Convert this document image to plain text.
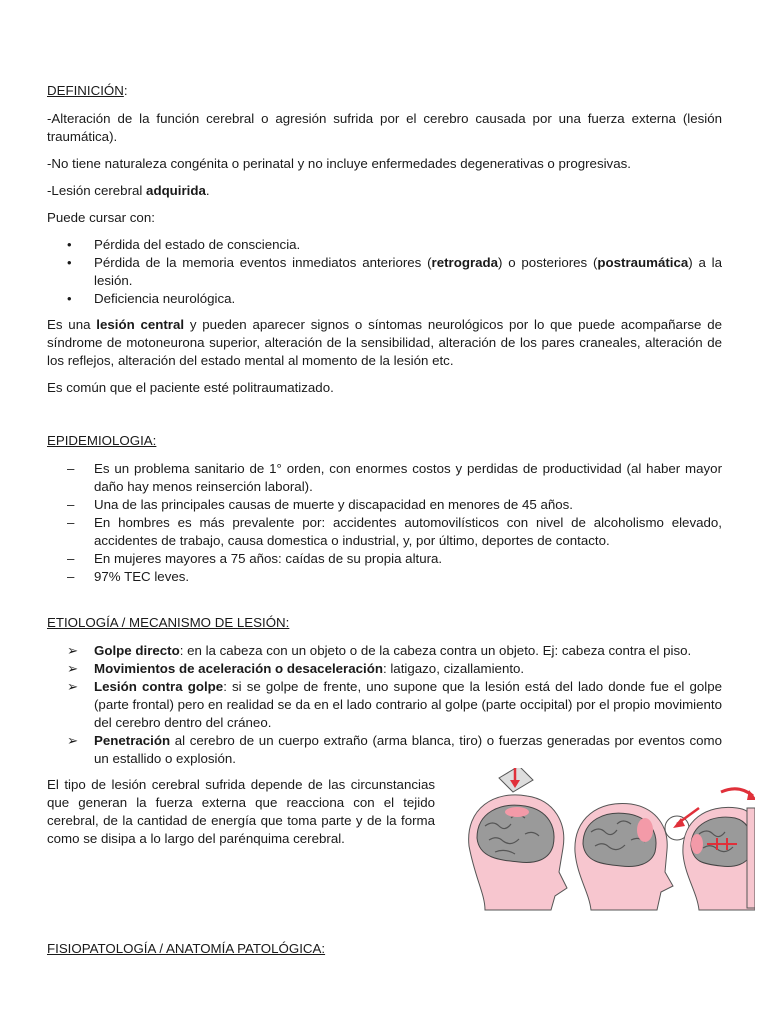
DEFINICIÓN:

-Alteración de la función cerebral o agresión sufrida por el cerebro causada por una fuerza externa (lesión traumática).

-No tiene naturaleza congénita o perinatal y no incluye enfermedades degenerativas o progresivas.

-Lesión cerebral adquirida.

Puede cursar con:

•	Pérdida del estado de consciencia.
•	Pérdida de la memoria eventos inmediatos anteriores (retrograda) o posteriores (postraumática) a la lesión.
•	Deficiencia neurológica.

Es una lesión central y pueden aparecer signos o síntomas neurológicos por lo que puede acompañarse de síndrome de motoneurona superior, alteración de la sensibilidad, alteración de los pares craneales, alteración de los reflejos, alteración del estado mental al momento de la lesión etc.

Es común que el paciente esté politraumatizado.

EPIDEMIOLOGIA:

–	Es un problema sanitario de 1° orden, con enormes costos y perdidas de productividad (al haber mayor daño hay menos reinserción laboral).
–	Una de las principales causas de muerte y discapacidad en menores de 45 años.
–	En hombres es más prevalente por: accidentes automovilísticos con nivel de alcoholismo elevado, accidentes de trabajo, causa domestica o industrial, y, por último, deportes de contacto.
–	En mujeres mayores a 75 años: caídas de su propia altura.
–	97% TEC leves.

ETIOLOGÍA / MECANISMO DE LESIÓN:

➢	Golpe directo: en la cabeza con un objeto o de la cabeza contra un objeto. Ej: cabeza contra el piso.
➢	Movimientos de aceleración o desaceleración: latigazo, cizallamiento.
➢	Lesión contra golpe: si se golpe de frente, uno supone que la lesión está del lado donde fue el golpe (parte frontal) pero en realidad se da en el lado contrario al golpe (parte occipital) por el propio movimiento del cerebro dentro del cráneo.
➢	Penetración al cerebro de un cuerpo extraño (arma blanca, tiro) o fuerzas generadas por eventos como un estallido o explosión.

El tipo de lesión cerebral sufrida depende de las circunstancias que generan la fuerza externa que reacciona con el tejido cerebral, de la cantidad de energía que toma parte y de la forma como se disipa a lo largo del parénquima cerebral.

FISIOPATOLOGÍA / ANATOMÍA PATOLÓGICA:
